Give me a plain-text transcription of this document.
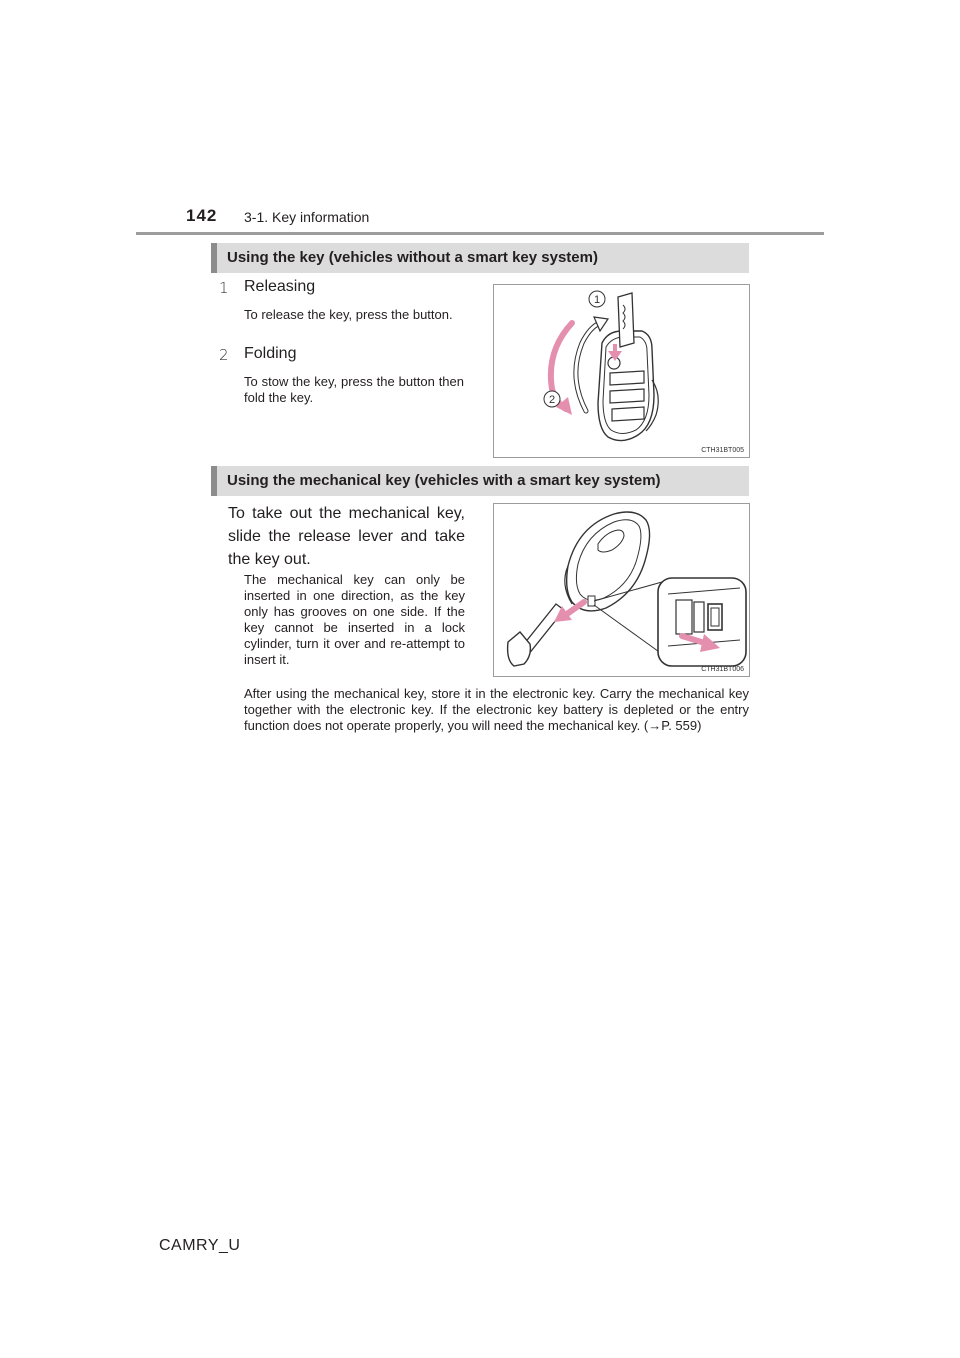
142 3-1. Key information
Using the key (vehicles without a smart key system)
1 Releasing
To release the key, press the button.
2 Folding
To stow the key, press the button then fold the key.
1
2
CTH31BT005
Using the mechanical key (vehicles with a smart key system)
To take out the mechanical key, slide the release lever and take the key out.
The mechanical key can only be inserted in one direction, as the key only has grooves on one side. If the key cannot be inserted in a lock cylinder, turn it over and re-attempt to insert it.
CTH31BT006
After using the mechanical key, store it in the electronic key. Carry the mechanical key together with the electronic key. If the electronic key battery is depleted or the entry function does not operate properly, you will need the mechanical key. (→P. 559)
CAMRY_U
